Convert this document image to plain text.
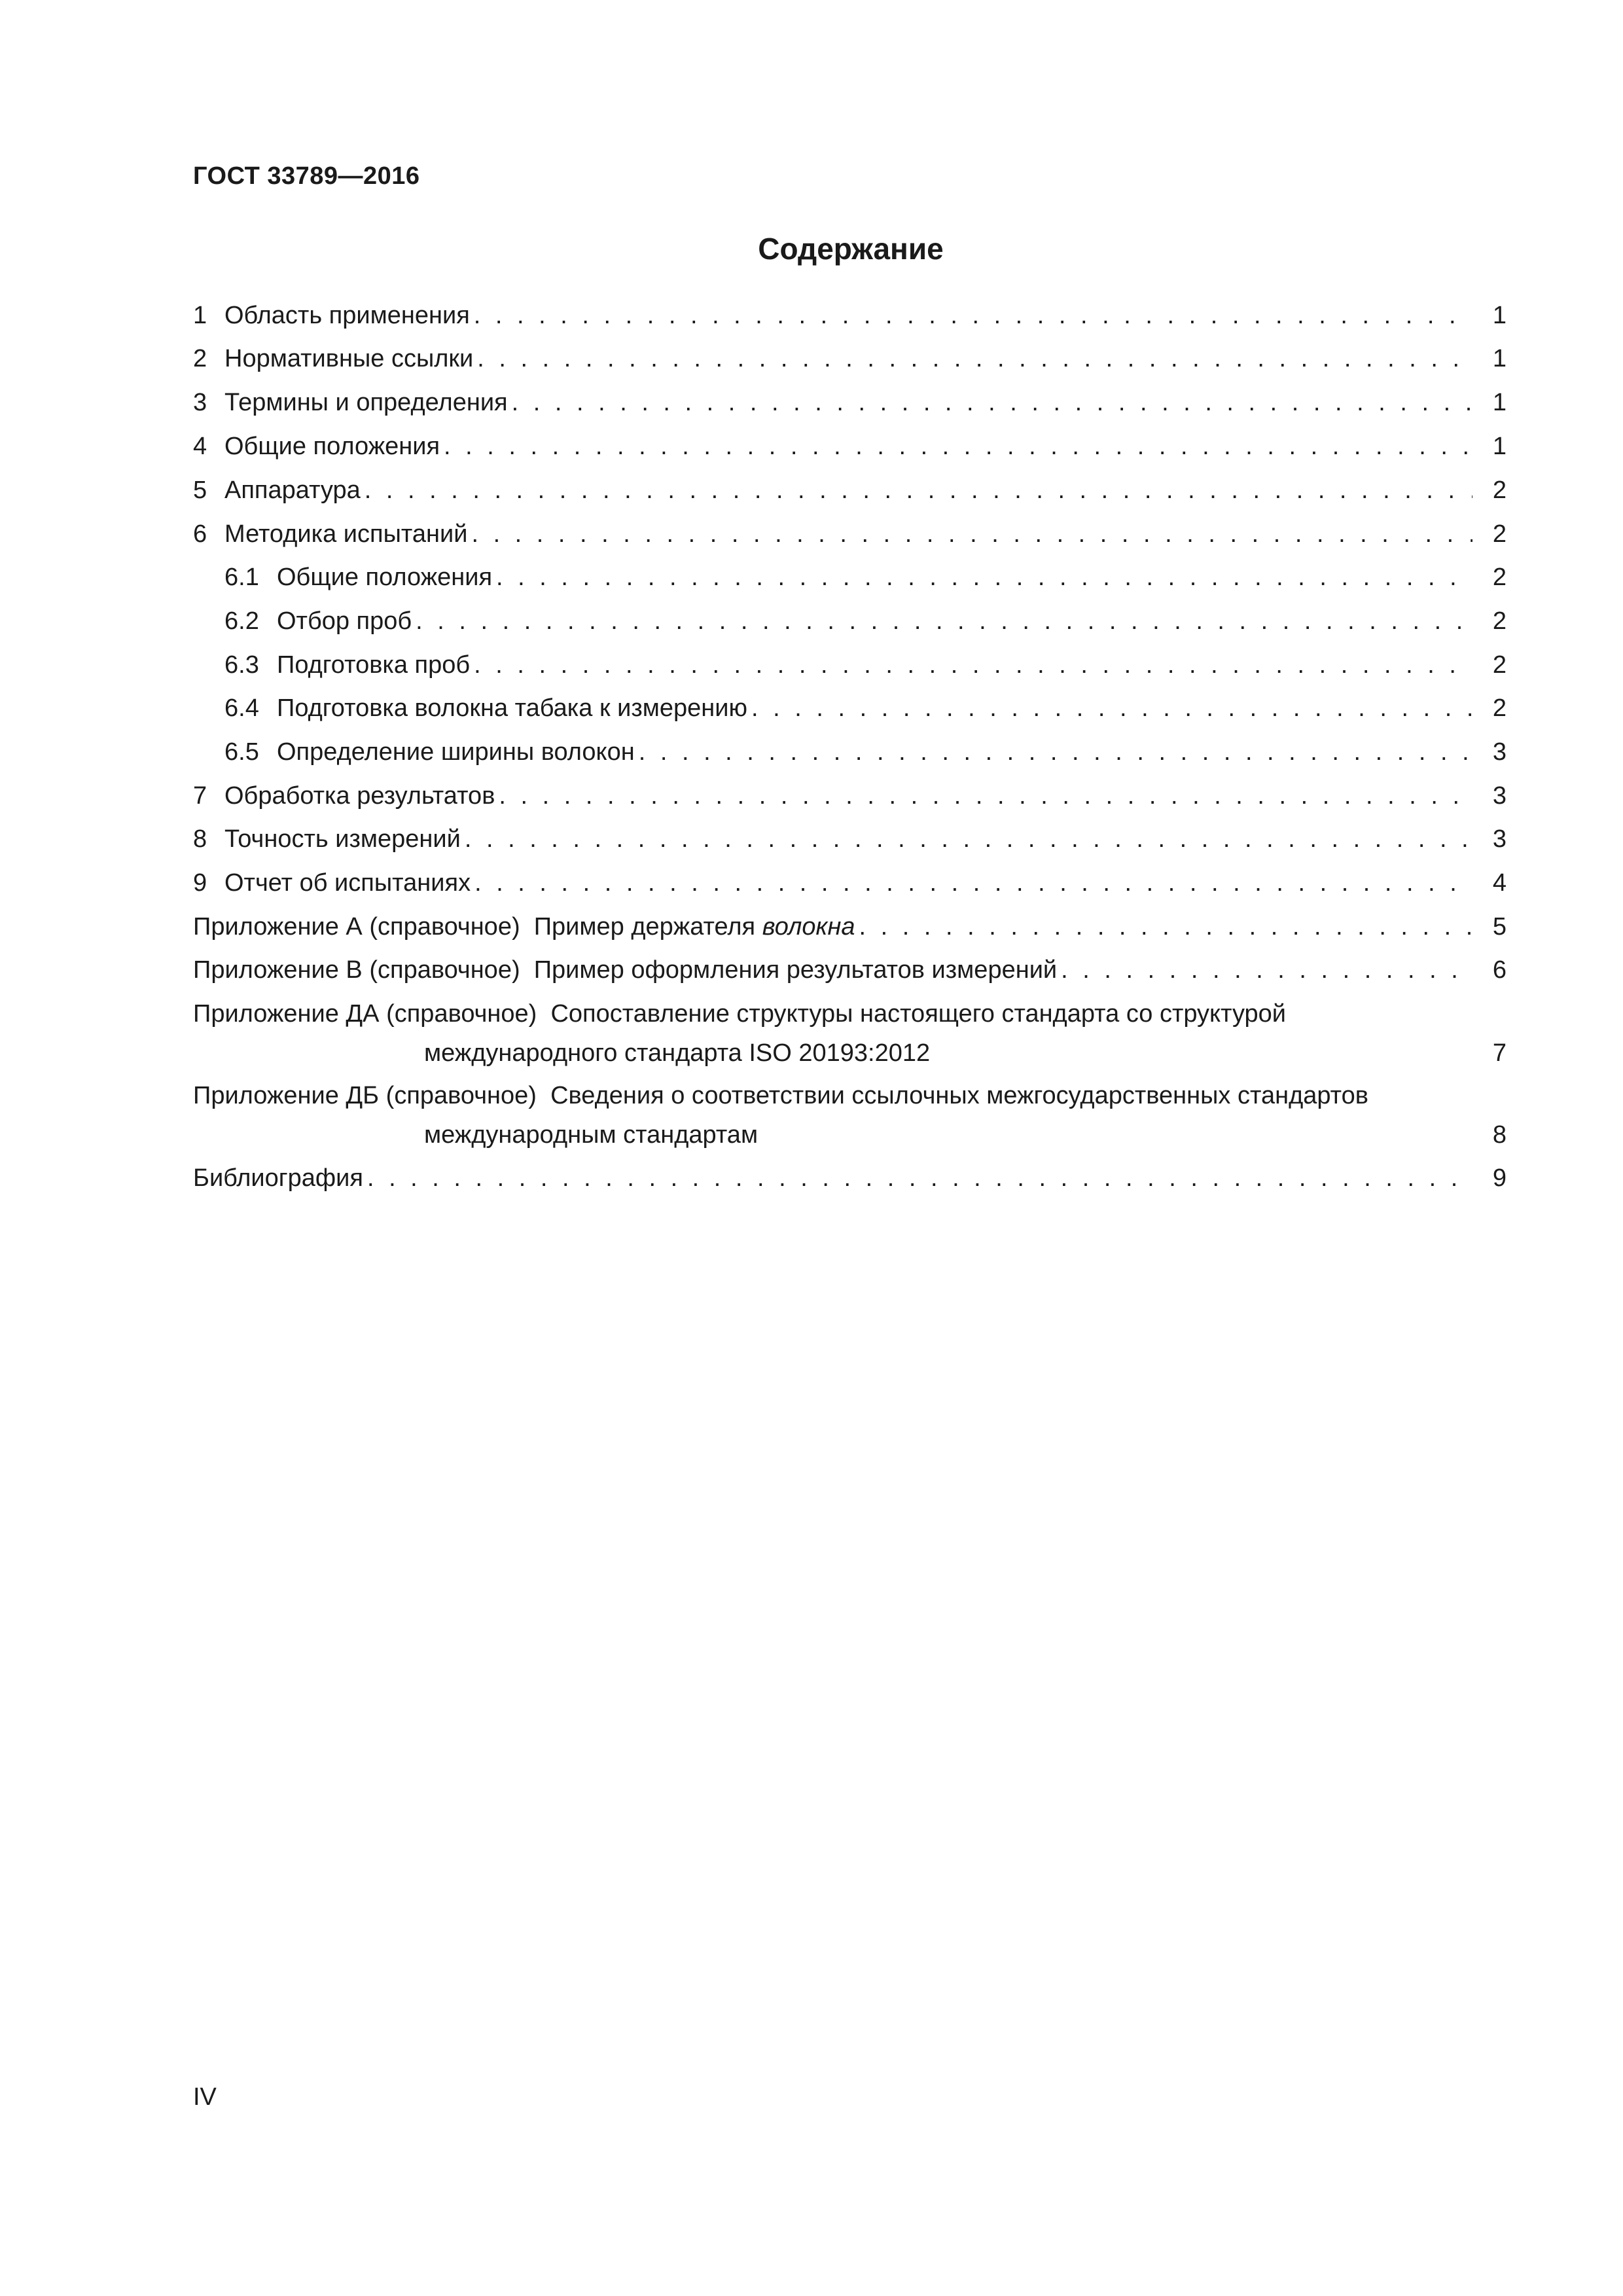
ГОСТ 33789—2016
Содержание
1 Область применения . . .	1
2 Нормативные ссылки . . .	1
3 Термины и определения . . .	1
4 Общие положения . . .	1
5 Аппаратура . . .	2
6 Методика испытаний . . .	2
6.1 Общие положения . . .	2
6.2 Отбор проб . . .	2
6.3 Подготовка проб . . .	2
6.4 Подготовка волокна табака к измерению . . .	2
6.5 Определение ширины волокон . . .	3
7 Обработка результатов . . .	3
8 Точность измерений . . .	3
9 Отчет об испытаниях . . .	4
Приложение А (справочное) Пример держателя волокна . . .	5
Приложение В (справочное) Пример оформления результатов измерений . . .	6
Приложение ДА (справочное) Сопоставление структуры настоящего стандарта со структурой
международного стандарта ISO 20193:2012	7
Приложение ДБ (справочное) Сведения о соответствии ссылочных межгосударственных стандартов
международным стандартам	8
Библиография . . .	9
IV
